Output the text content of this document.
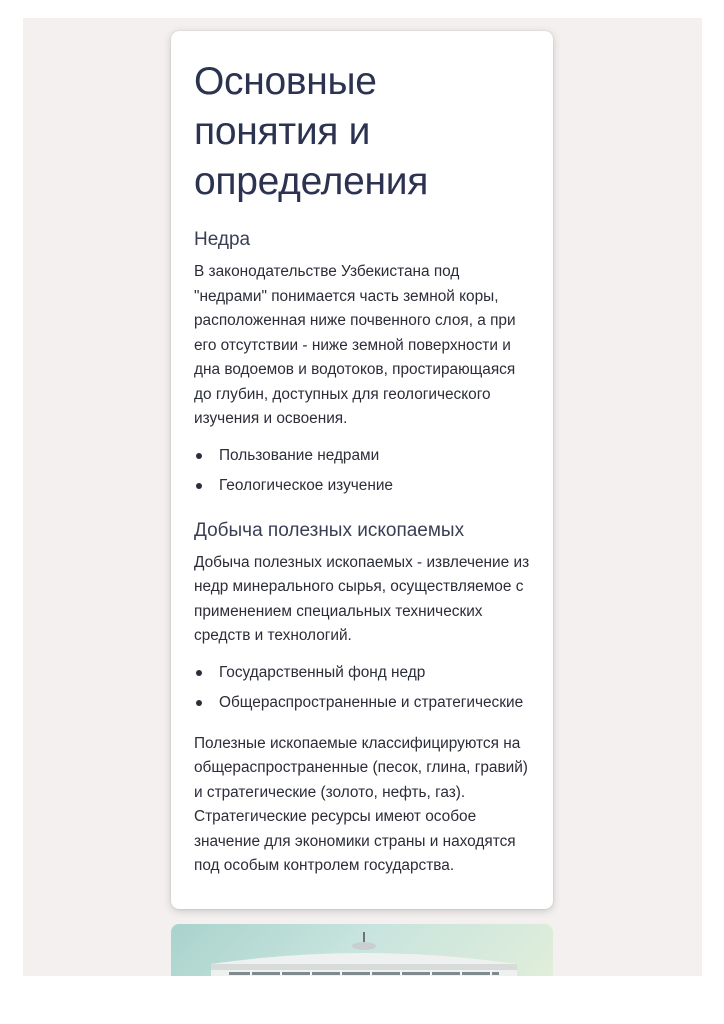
Основные понятия и определения
Недра

В законодательстве Узбекистана под "недрами" понимается часть земной коры, расположенная ниже почвенного слоя, а при его отсутствии - ниже земной поверхности и дна водоемов и водотоков, простирающаяся до глубин, доступных для геологического изучения и освоения.

Пользование недрами
Геологическое изучение
Добыча полезных ископаемых

Добыча полезных ископаемых - извлечение из недр минерального сырья, осуществляемое с применением специальных технических средств и технологий.

Государственный фонд недр
Общераспространенные и стратегические

Полезные ископаемые классифицируются на общераспространенные (песок, глина, гравий) и стратегические (золото, нефть, газ). Стратегические ресурсы имеют особое значение для экономики страны и находятся под особым контролем государства.
